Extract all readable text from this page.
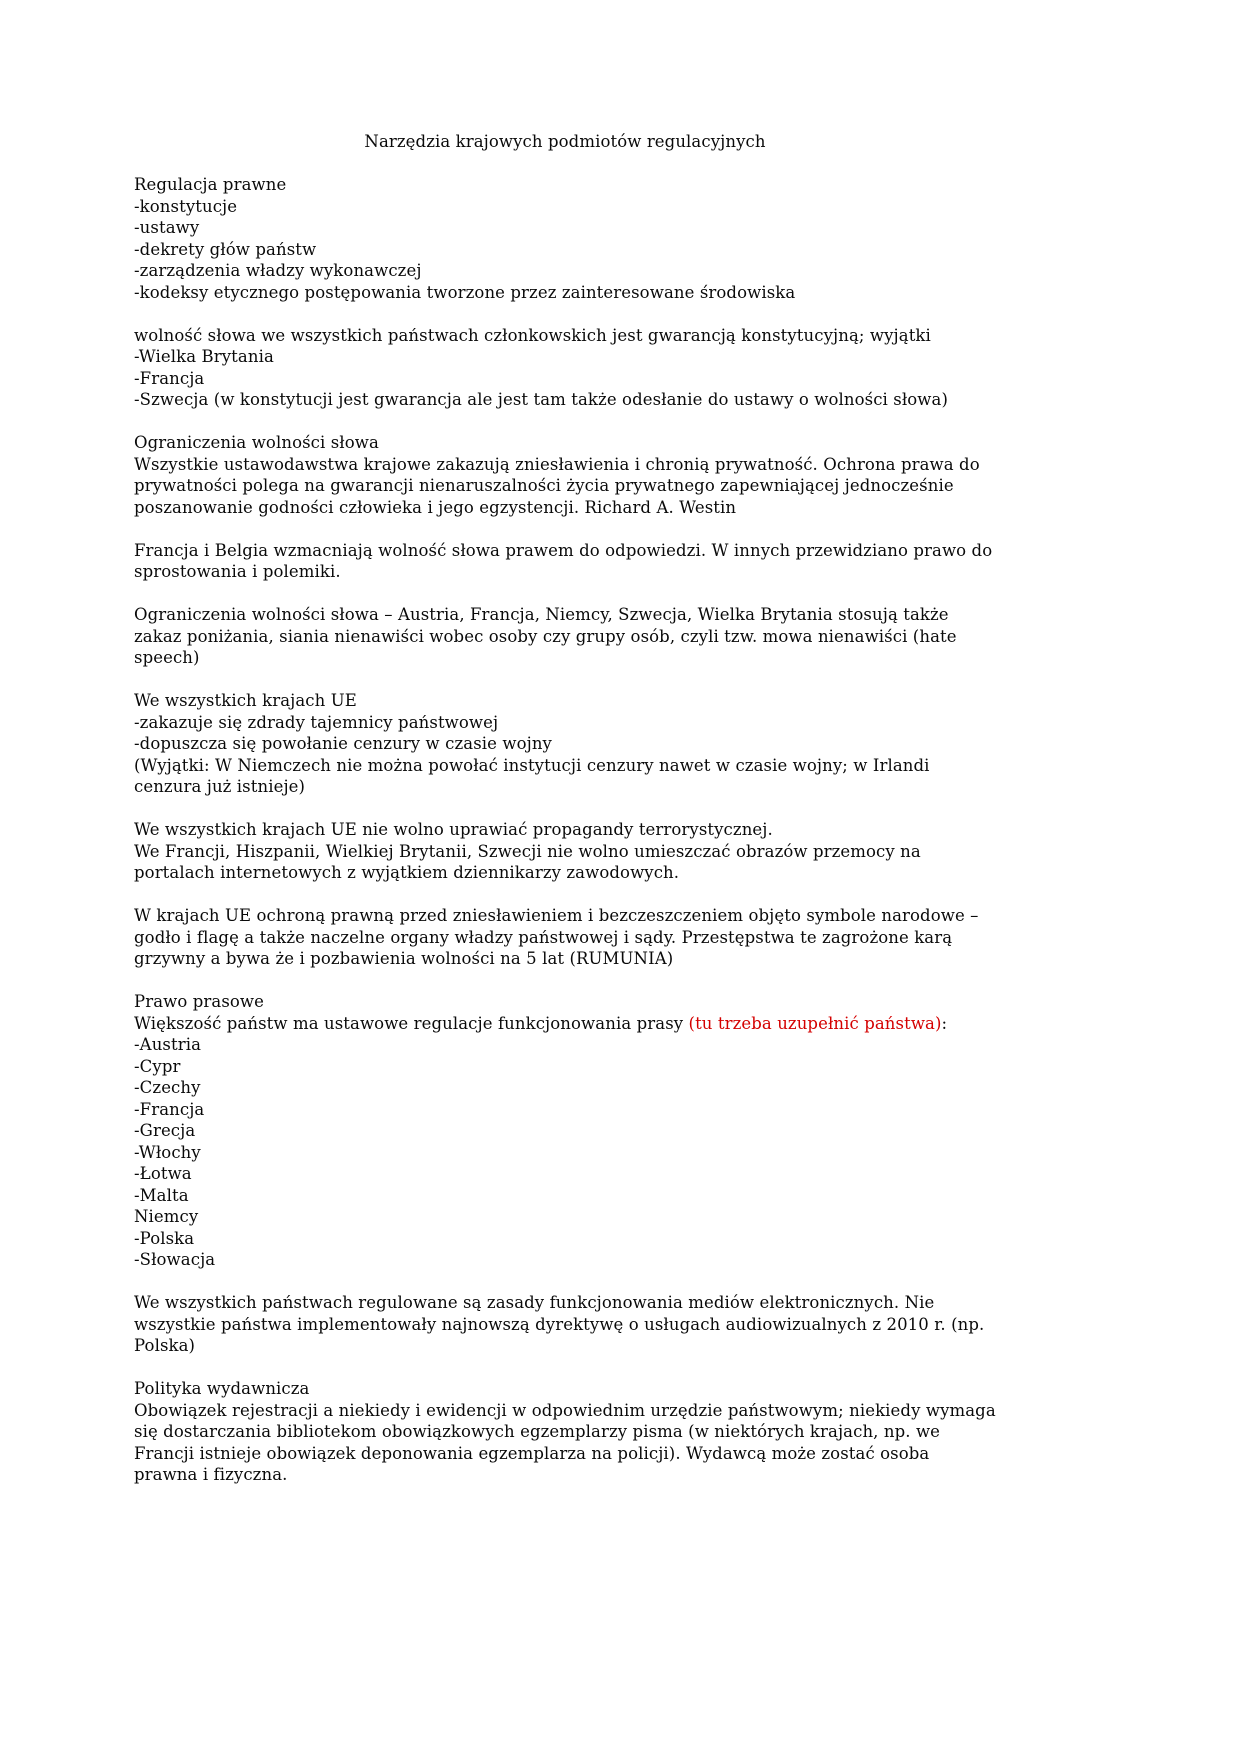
Narzędzia krajowych podmiotów regulacyjnych
Regulacja prawne
-konstytucje
-ustawy
-dekrety głów państw
-zarządzenia władzy wykonawczej
-kodeksy etycznego postępowania tworzone przez zainteresowane środowiska
wolność słowa we wszystkich państwach członkowskich jest gwarancją konstytucyjną; wyjątki
-Wielka Brytania
-Francja
-Szwecja (w konstytucji jest gwarancja ale jest tam także odesłanie do ustawy o wolności słowa)
Ograniczenia wolności słowa
Wszystkie ustawodawstwa krajowe zakazują zniesławienia i chronią prywatność. Ochrona prawa do prywatności polega na gwarancji nienaruszalności życia prywatnego zapewniającej jednocześnie poszanowanie godności człowieka i jego egzystencji. Richard A. Westin
Francja i Belgia wzmacniają wolność słowa prawem do odpowiedzi. W innych przewidziano prawo do sprostowania i polemiki.
Ograniczenia wolności słowa – Austria, Francja, Niemcy, Szwecja, Wielka Brytania stosują także zakaz poniżania, siania nienawiści wobec osoby czy grupy osób, czyli tzw. mowa nienawiści (hate speech)
We wszystkich krajach UE
-zakazuje się zdrady tajemnicy państwowej
-dopuszcza się powołanie cenzury w czasie wojny
(Wyjątki: W Niemczech nie można powołać instytucji cenzury nawet w czasie wojny; w Irlandi cenzura już istnieje)
We wszystkich krajach UE nie wolno uprawiać propagandy terrorystycznej.
We Francji, Hiszpanii, Wielkiej Brytanii, Szwecji nie wolno umieszczać obrazów przemocy na portalach internetowych z wyjątkiem dziennikarzy zawodowych.
W krajach UE ochroną prawną przed zniesławieniem i bezczeszczeniem objęto symbole narodowe – godło i flagę a także naczelne organy władzy państwowej i sądy. Przestępstwa te zagrożone karą grzywny a bywa że i pozbawienia wolności na 5 lat (RUMUNIA)
Prawo prasowe
Większość państw ma ustawowe regulacje funkcjonowania prasy (tu trzeba uzupełnić państwa):
-Austria
-Cypr
-Czechy
-Francja
-Grecja
-Włochy
-Łotwa
-Malta
Niemcy
-Polska
-Słowacja
We wszystkich państwach regulowane są zasady funkcjonowania mediów elektronicznych. Nie wszystkie państwa implementowały najnowszą dyrektywę o usługach audiowizualnych z 2010 r. (np. Polska)
Polityka wydawnicza
Obowiązek rejestracji a niekiedy i ewidencji w odpowiednim urzędzie państwowym; niekiedy wymaga się dostarczania bibliotekom obowiązkowych egzemplarzy pisma (w niektórych krajach, np. we Francji istnieje obowiązek deponowania egzemplarza na policji). Wydawcą może zostać osoba prawna i fizyczna.
